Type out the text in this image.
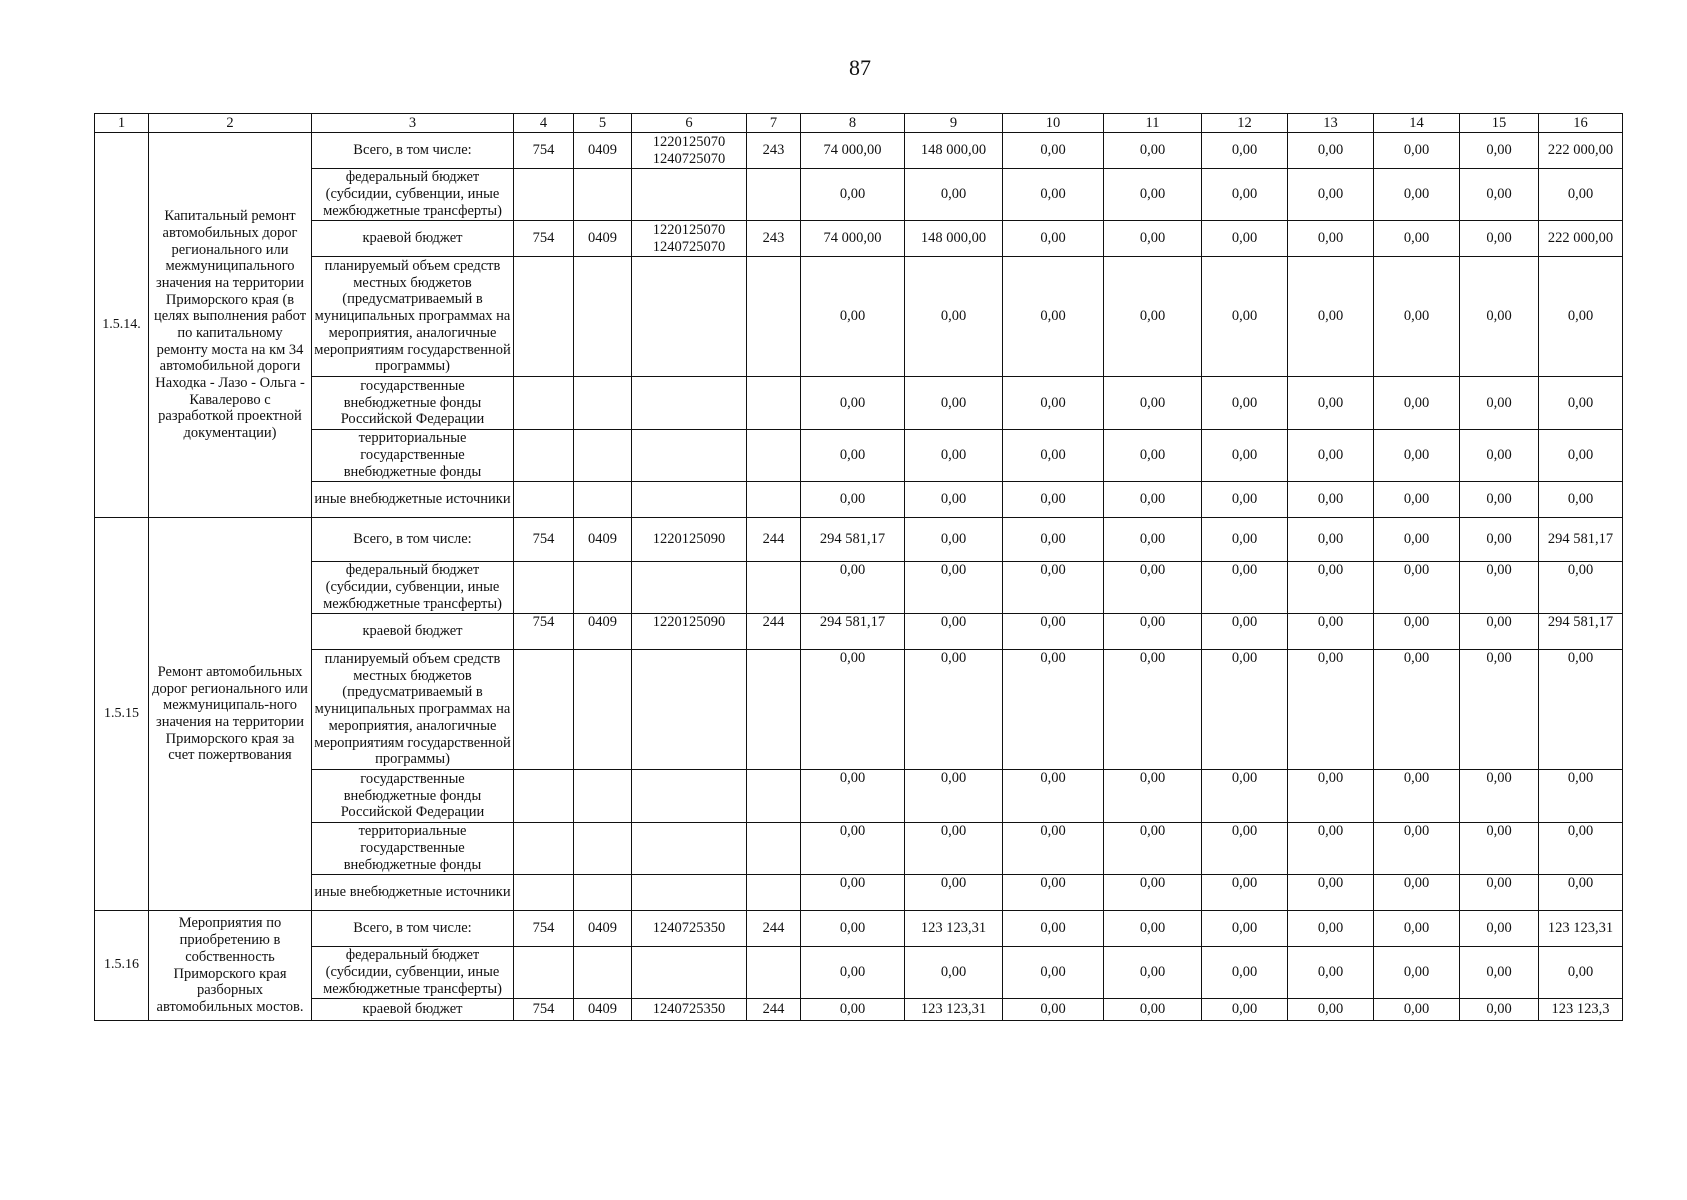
87
1	2	3	4	5	6	7	8	9	10	11	12	13	14	15	16
1.5.14.	Капитальный ремонт автомобильных дорог регионального или межмуниципального значения на территории Приморского края (в целях выполнения работ по капитальному ремонту моста на км 34 автомобильной дороги Находка - Лазо - Ольга - Кавалерово с разработкой проектной документации)	Всего, в том числе:	754	0409	1220125070 1240725070	243	74 000,00	148 000,00	0,00	0,00	0,00	0,00	0,00	0,00	222 000,00
		федеральный бюджет (субсидии, субвенции, иные межбюджетные трансферты)					0,00	0,00	0,00	0,00	0,00	0,00	0,00	0,00	0,00
		краевой бюджет	754	0409	1220125070 1240725070	243	74 000,00	148 000,00	0,00	0,00	0,00	0,00	0,00	0,00	222 000,00
		планируемый объем средств местных бюджетов (предусматриваемый в муниципальных программах на мероприятия, аналогичные мероприятиям государственной программы)					0,00	0,00	0,00	0,00	0,00	0,00	0,00	0,00	0,00
		государственные внебюджетные фонды Российской Федерации					0,00	0,00	0,00	0,00	0,00	0,00	0,00	0,00	0,00
		территориальные государственные внебюджетные фонды					0,00	0,00	0,00	0,00	0,00	0,00	0,00	0,00	0,00
		иные внебюджетные источники					0,00	0,00	0,00	0,00	0,00	0,00	0,00	0,00	0,00
1.5.15	Ремонт автомобильных дорог регионального или межмуниципаль-ного значения на территории Приморского края за счет пожертвования	Всего, в том числе:	754	0409	1220125090	244	294 581,17	0,00	0,00	0,00	0,00	0,00	0,00	0,00	294 581,17
		федеральный бюджет (субсидии, субвенции, иные межбюджетные трансферты)					0,00	0,00	0,00	0,00	0,00	0,00	0,00	0,00	0,00
		краевой бюджет	754	0409	1220125090	244	294 581,17	0,00	0,00	0,00	0,00	0,00	0,00	0,00	294 581,17
		планируемый объем средств местных бюджетов (предусматриваемый в муниципальных программах на мероприятия, аналогичные мероприятиям государственной программы)					0,00	0,00	0,00	0,00	0,00	0,00	0,00	0,00	0,00
		государственные внебюджетные фонды Российской Федерации					0,00	0,00	0,00	0,00	0,00	0,00	0,00	0,00	0,00
		территориальные государственные внебюджетные фонды					0,00	0,00	0,00	0,00	0,00	0,00	0,00	0,00	0,00
		иные внебюджетные источники					0,00	0,00	0,00	0,00	0,00	0,00	0,00	0,00	0,00
1.5.16	Мероприятия по приобретению в собственность Приморского края разборных автомобильных мостов.	Всего, в том числе:	754	0409	1240725350	244	0,00	123 123,31	0,00	0,00	0,00	0,00	0,00	0,00	123 123,31
		федеральный бюджет (субсидии, субвенции, иные межбюджетные трансферты)					0,00	0,00	0,00	0,00	0,00	0,00	0,00	0,00	0,00
		краевой бюджет	754	0409	1240725350	244	0,00	123 123,31	0,00	0,00	0,00	0,00	0,00	0,00	123 123,3
